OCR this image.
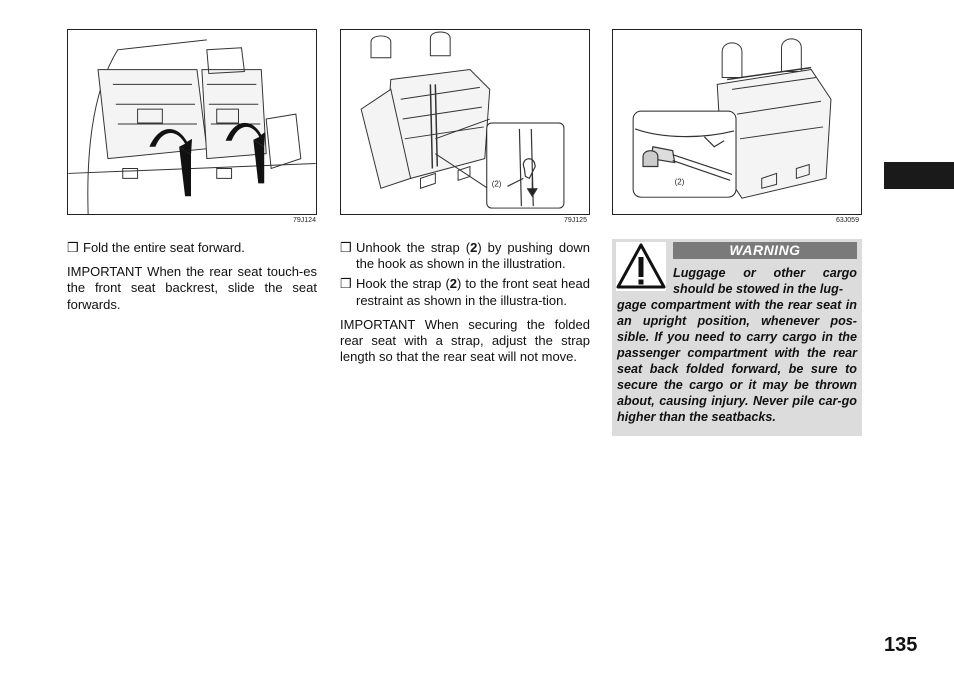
79J124
(2)
79J125
(2)
63J059

❒ Fold the entire seat forward.

IMPORTANT When the rear seat touch-es the front seat backrest, slide the seat forwards.

❒ Unhook the strap (2) by pushing down the hook as shown in the illustration.

❒ Hook the strap (2) to the front seat head restraint as shown in the illustra-tion.

IMPORTANT When securing the folded rear seat with a strap, adjust the strap length so that the rear seat will not move.

WARNING
Luggage or other cargo should be stowed in the lug-
gage compartment with the rear seat in an upright position, whenever pos-sible. If you need to carry cargo in the passenger compartment with the rear seat back folded forward, be sure to secure the cargo or it may be thrown about, causing injury. Never pile car-go higher than the seatbacks.
135
